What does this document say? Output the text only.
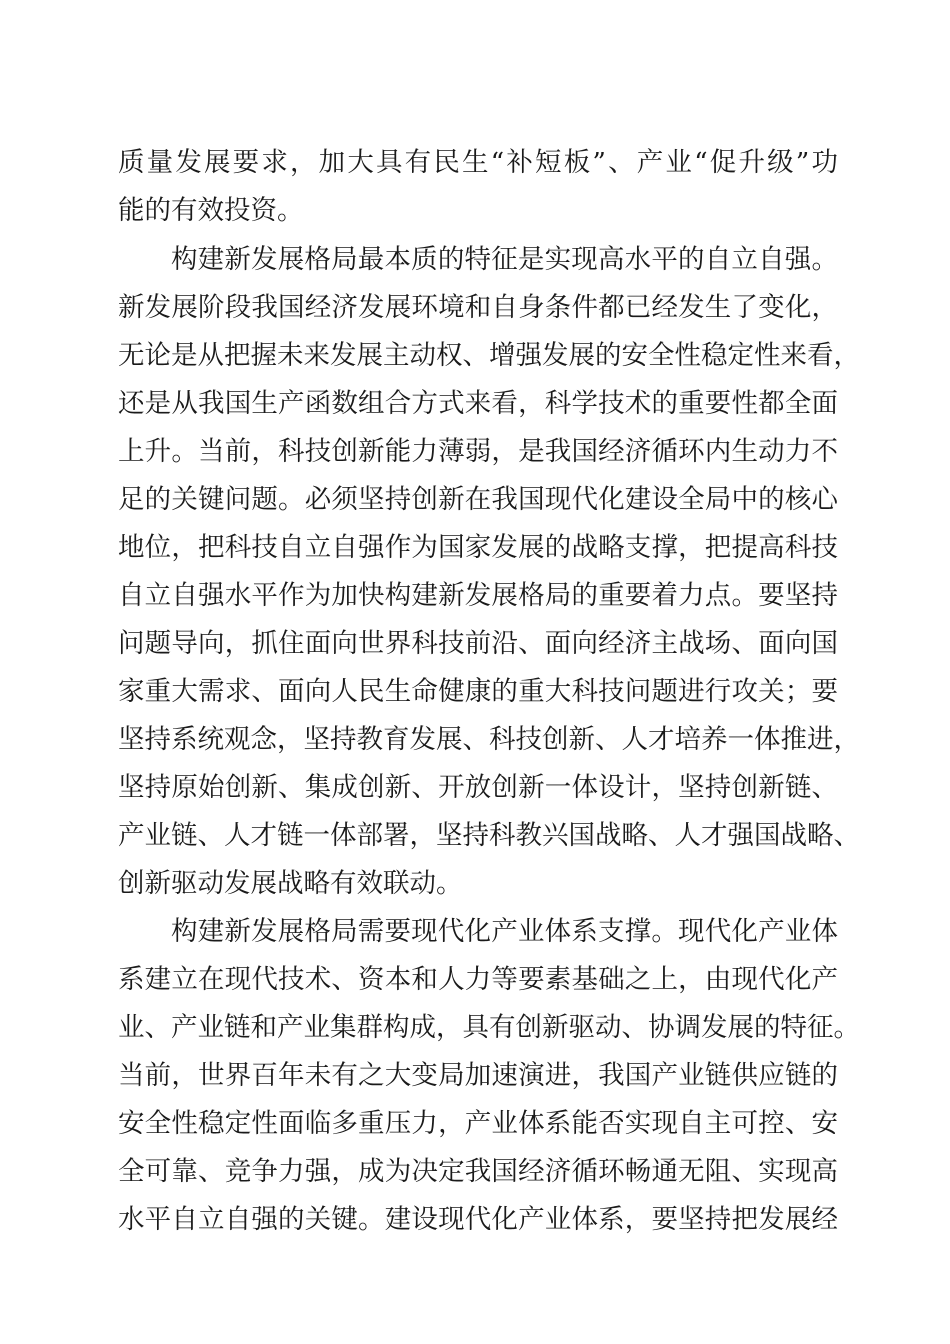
质量发展要求，加大具有民生“补短板”、产业“促升级”功
能的有效投资。
构建新发展格局最本质的特征是实现高水平的自立自强。
新发展阶段我国经济发展环境和自身条件都已经发生了变化，
无论是从把握未来发展主动权、增强发展的安全性稳定性来看，
还是从我国生产函数组合方式来看，科学技术的重要性都全面
上升。当前，科技创新能力薄弱，是我国经济循环内生动力不
足的关键问题。必须坚持创新在我国现代化建设全局中的核心
地位，把科技自立自强作为国家发展的战略支撑，把提高科技
自立自强水平作为加快构建新发展格局的重要着力点。要坚持
问题导向，抓住面向世界科技前沿、面向经济主战场、面向国
家重大需求、面向人民生命健康的重大科技问题进行攻关；要
坚持系统观念，坚持教育发展、科技创新、人才培养一体推进，
坚持原始创新、集成创新、开放创新一体设计，坚持创新链、
产业链、人才链一体部署，坚持科教兴国战略、人才强国战略、
创新驱动发展战略有效联动。
构建新发展格局需要现代化产业体系支撑。现代化产业体
系建立在现代技术、资本和人力等要素基础之上，由现代化产
业、产业链和产业集群构成，具有创新驱动、协调发展的特征。
当前，世界百年未有之大变局加速演进，我国产业链供应链的
安全性稳定性面临多重压力，产业体系能否实现自主可控、安
全可靠、竞争力强，成为决定我国经济循环畅通无阻、实现高
水平自立自强的关键。建设现代化产业体系，要坚持把发展经
